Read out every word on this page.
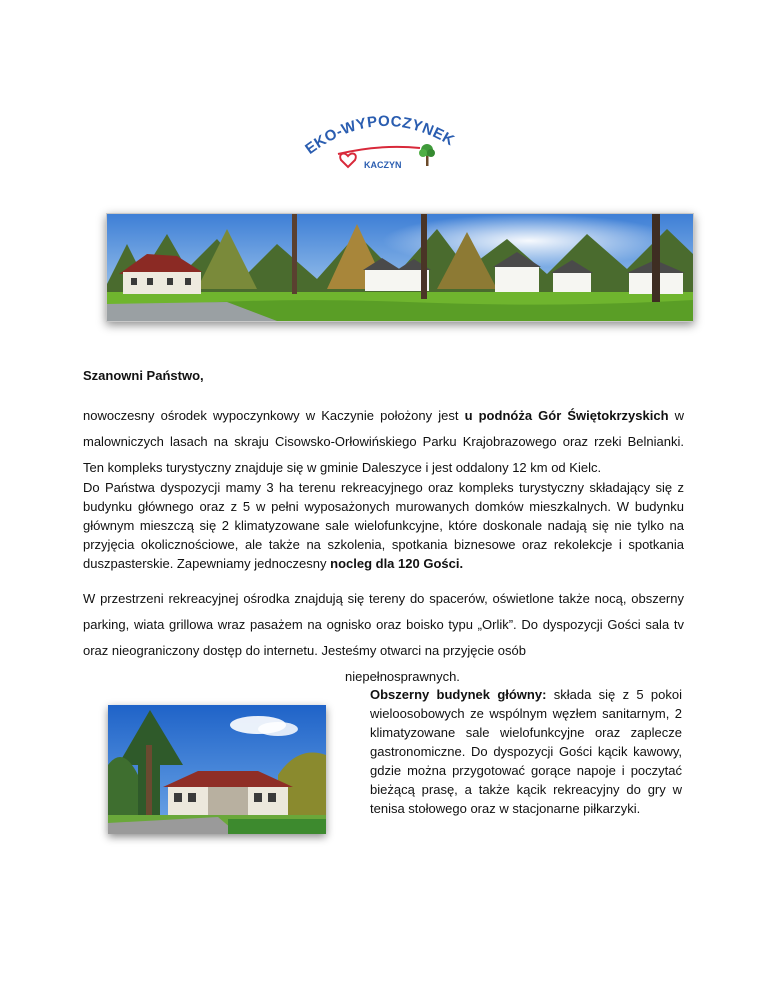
EKO-WYPOCZYNEK
KACZYN
Szanowni Państwo,
nowoczesny ośrodek wypoczynkowy w Kaczynie położony jest u podnóża Gór Świętokrzyskich w malowniczych lasach na skraju Cisowsko-Orłowińskiego Parku Krajobrazowego oraz rzeki Belnianki. Ten kompleks turystyczny znajduje się w gminie Daleszyce i jest oddalony 12 km od Kielc.
Do Państwa dyspozycji mamy 3 ha terenu rekreacyjnego oraz kompleks turystyczny składający się z budynku głównego oraz z 5 w pełni wyposażonych murowanych domków mieszkalnych. W budynku głównym mieszczą się 2 klimatyzowane sale wielofunkcyjne, które doskonale nadają się nie tylko na przyjęcia okolicznościowe, ale także na szkolenia, spotkania biznesowe oraz rekolekcje i spotkania duszpasterskie. Zapewniamy jednoczesny nocleg dla 120 Gości.
W przestrzeni rekreacyjnej ośrodka znajdują się tereny do spacerów, oświetlone także nocą, obszerny parking, wiata grillowa wraz pasażem na ognisko oraz boisko typu „Orlik”. Do dyspozycji Gości sala tv oraz nieograniczony dostęp do internetu. Jesteśmy otwarci na przyjęcie osób
niepełnosprawnych.
Obszerny budynek główny: składa się z 5 pokoi wieloosobowych ze wspólnym węzłem sanitarnym, 2 klimatyzowane sale wielofunkcyjne oraz zaplecze gastronomiczne. Do dyspozycji Gości kącik kawowy, gdzie można przygotować gorące napoje i poczytać bieżącą prasę, a także kącik rekreacyjny do gry w tenisa stołowego oraz w stacjonarne piłkarzyki.
